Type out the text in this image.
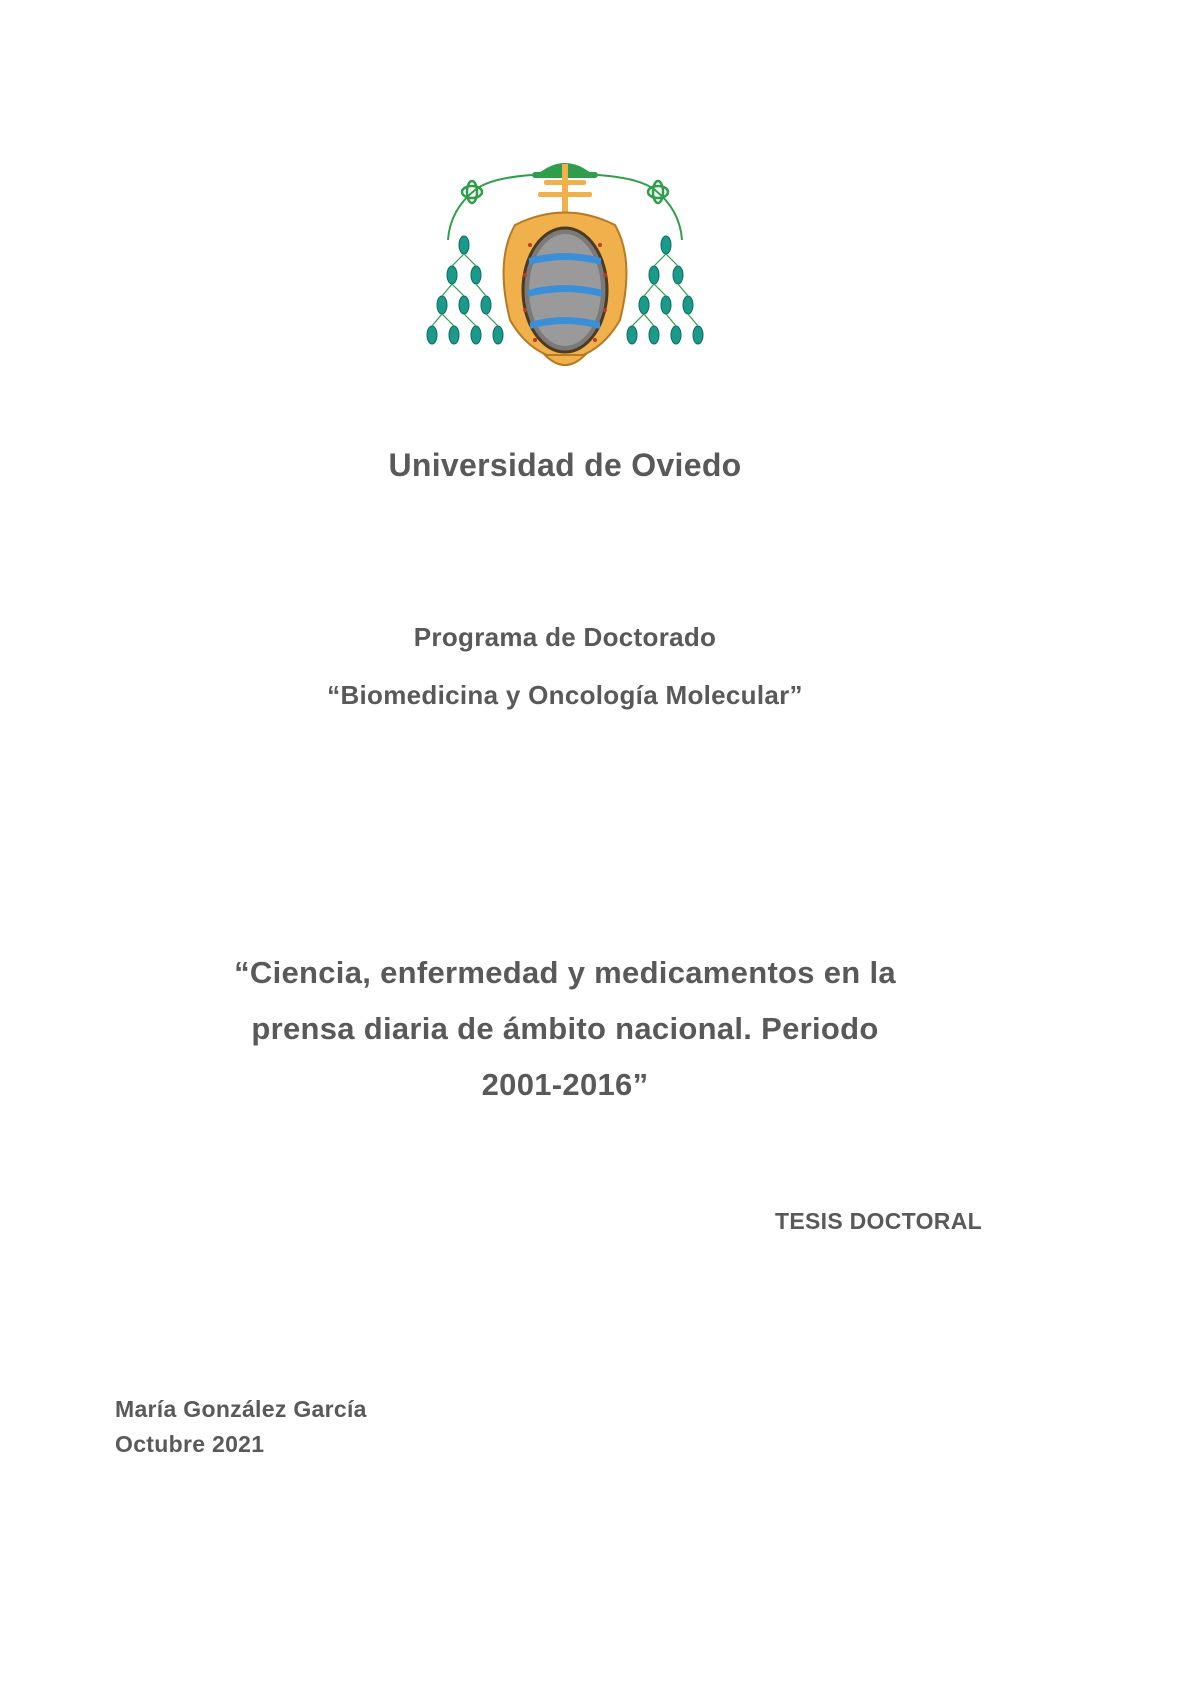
Universidad de Oviedo

Programa de Doctorado

“Biomedicina y Oncología Molecular”

“Ciencia, enfermedad y medicamentos en la
prensa diaria de ámbito nacional. Periodo
2001-2016”

TESIS DOCTORAL

María González García

Octubre 2021
